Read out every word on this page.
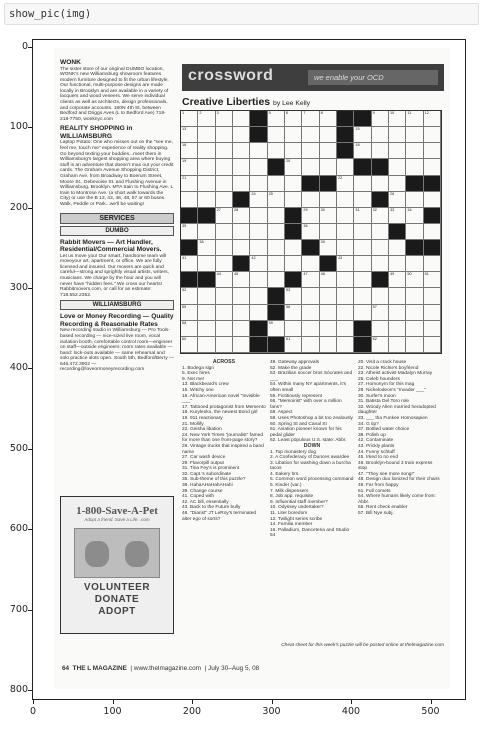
show_pic(img)
0
100
200
300
400
500
600
700
800
0	100	200	300	400	500
WONK
The sister store of our original DUMBO location, WONK's new Williamsburg showroom features modern furniture designed to fit the urban lifestyle. Our functional, multi-purpose designs are made locally in Brooklyn and are available in a variety of lacquers and wood veneers. We serve individual clients as well as architects, design professionals, and corporate accounts. 160N 4th St, between Bedford and Driggs Aves (L to Bedford Ave) 718-218-7750, wonknyc.com
REALITY SHOPPING in WILLIAMSBURG
Laptop Potato: One who misses out on the "see me, feel me, touch me" experience of reality shopping. Go beyond texting your buddies...meet them in Williamsburg's largest shopping area where buying stuff is an adventure that doesn't max out your credit cards. The Graham Avenue Shopping District, Graham Ave. from Broadway to Boerum Street, Moore St., Debevoise St. and Flushing Avenue in Williamsburg, Brooklyn. MTA train to Flushing Ave. L train to Montrose Ave. (a short walk towards the City) or use the B 13, 43, 46, 48, 57 or 60 buses. Walk, Peddle or Park...we'll be waiting!
SERVICES
DUMBO
Rabbit Movers — Art Handler, Residential/Commercial Movers.
Let us move you! Our smart, handsome team will moveyour art, apartment, or office. We are fully licensed and insured. Our movers are quick and careful—strong and sprightly visual artists, writers, musicians. We charge by the hour and you will never have "hidden fees." We cross our hearts! Rabbitmovers.com, or call for an estimate: 718.552.2352.
WILLIAMSBURG
Love or Money Recording — Quality Recording & Reasonable Rates
New recording studio in Williamsburg — Pro Tools-based recording — nice-sized live room, vocal isolation booth, comfortable control room—engineer on staff—outside engineers: room rates available — band: lock-outs available — same rehearsal and solo practice slots open. South 5th, Bedford/Berry — 646.472.3902 — recording@loveormoneyrecording.com
1-800-Save-A-Pet
Adopt a friend. Save a Life. .com
VOLUNTEER
DONATE
ADOPT
crossword	we enable your OCD
Creative Liberties by Lee Kelly
1	2	3	5	6	7	8	9	10	11	12
13	15
16	18
19	20
21	22
24	25	26
27	28	29	30	31	32	33	34
35	36
38	39
41	42	43
44	45	47	48	49	50	51
52	53
55	56	57
58	59
60	61	62
ACROSS
1. Bodega sign
5. Exec hires
9. Not me!
13. Blackbeard's crew
15. Witchy one
16. African-American novel "Invisible ___"
17. Tattooed protagonist from Memento
18. Kurylenko, the newest Bond girl
19. 911 reactionary
21. Mollify
22. Geisha libation
24. New York Times "journalist" famed for more than one front-page story?
26. Vintage trucks that inspired a band name
27. Car wash device
29. Flavorpill output
31. Tina Fey's is prominent
32. Capt.'s subordinate
35. Sub-theme of this puzzle?
38. HahaAHaHahAHahi
39. Change course
41. Coped with
42. AC bill, essentially
43. Back to the Future bully
46. "Diarist" JT LeRoy's terminated alter ego of sorts?
49. Gateway approvals
52. Make the grade
53. Brazilian soccer bros Sócrates and ___
54. Within many NY apartments, it's often small
55. Fictitiously represent
56. "Memoirist" with over a million fans?
58. Aspect
59. Uses Photoshop a bit too zealously
60. Spring St and Canal St
61. Aviation pioneer known for his pedal glider
62. Least populous U.S. state: Abbr.
DOWN
1. Top monastery dog
2. A Confederacy of Dunces awardee
3. Libation for washing down a burcha tacos
4. Eakery hrs.
5. Common word processing command
6. Kinder (var.)
7. Milk dispensers
8. Job app. requisite
9. Influential staff member?
10. Odyssey undertaker?
11. Liter boredom
12. Twilight series scribe
14. Familia member
16. Palladium, Danceteria and Studio 54
20. Visit a crack house
22. Nicole Richie's boyfriend
23. Atheist activist Madalyn Murray
25. Celeb hounders
27. Homonym for this mag
28. Nickelodeon's "Invader ___"
30. Surfer's moon
31. Batista Del Toro role
32. Woody Allen married heradopted daughter
33. ___ tha Funkee Homosapien
34. G tip?
37. Bottled water choice
38. Polish up
42. Contaminate
43. Prickly plants
44. Funny schtuff
45. Irked to no end
46. Brooklyn-bound 3 train express stop
47. "They see more song!"
48. Design duo lionized for their chairs
49. Far from happy
51. Full comets
54. Where humans likely come from: Abbr.
55. Rent check enabler
57. Bill Nye subj.
Cheat sheet for this week's puzzle will be posted online at thelmagazine.com
64 THE L MAGAZINE  | www.thelmagazine.com  | July 30–Aug 5, 08
